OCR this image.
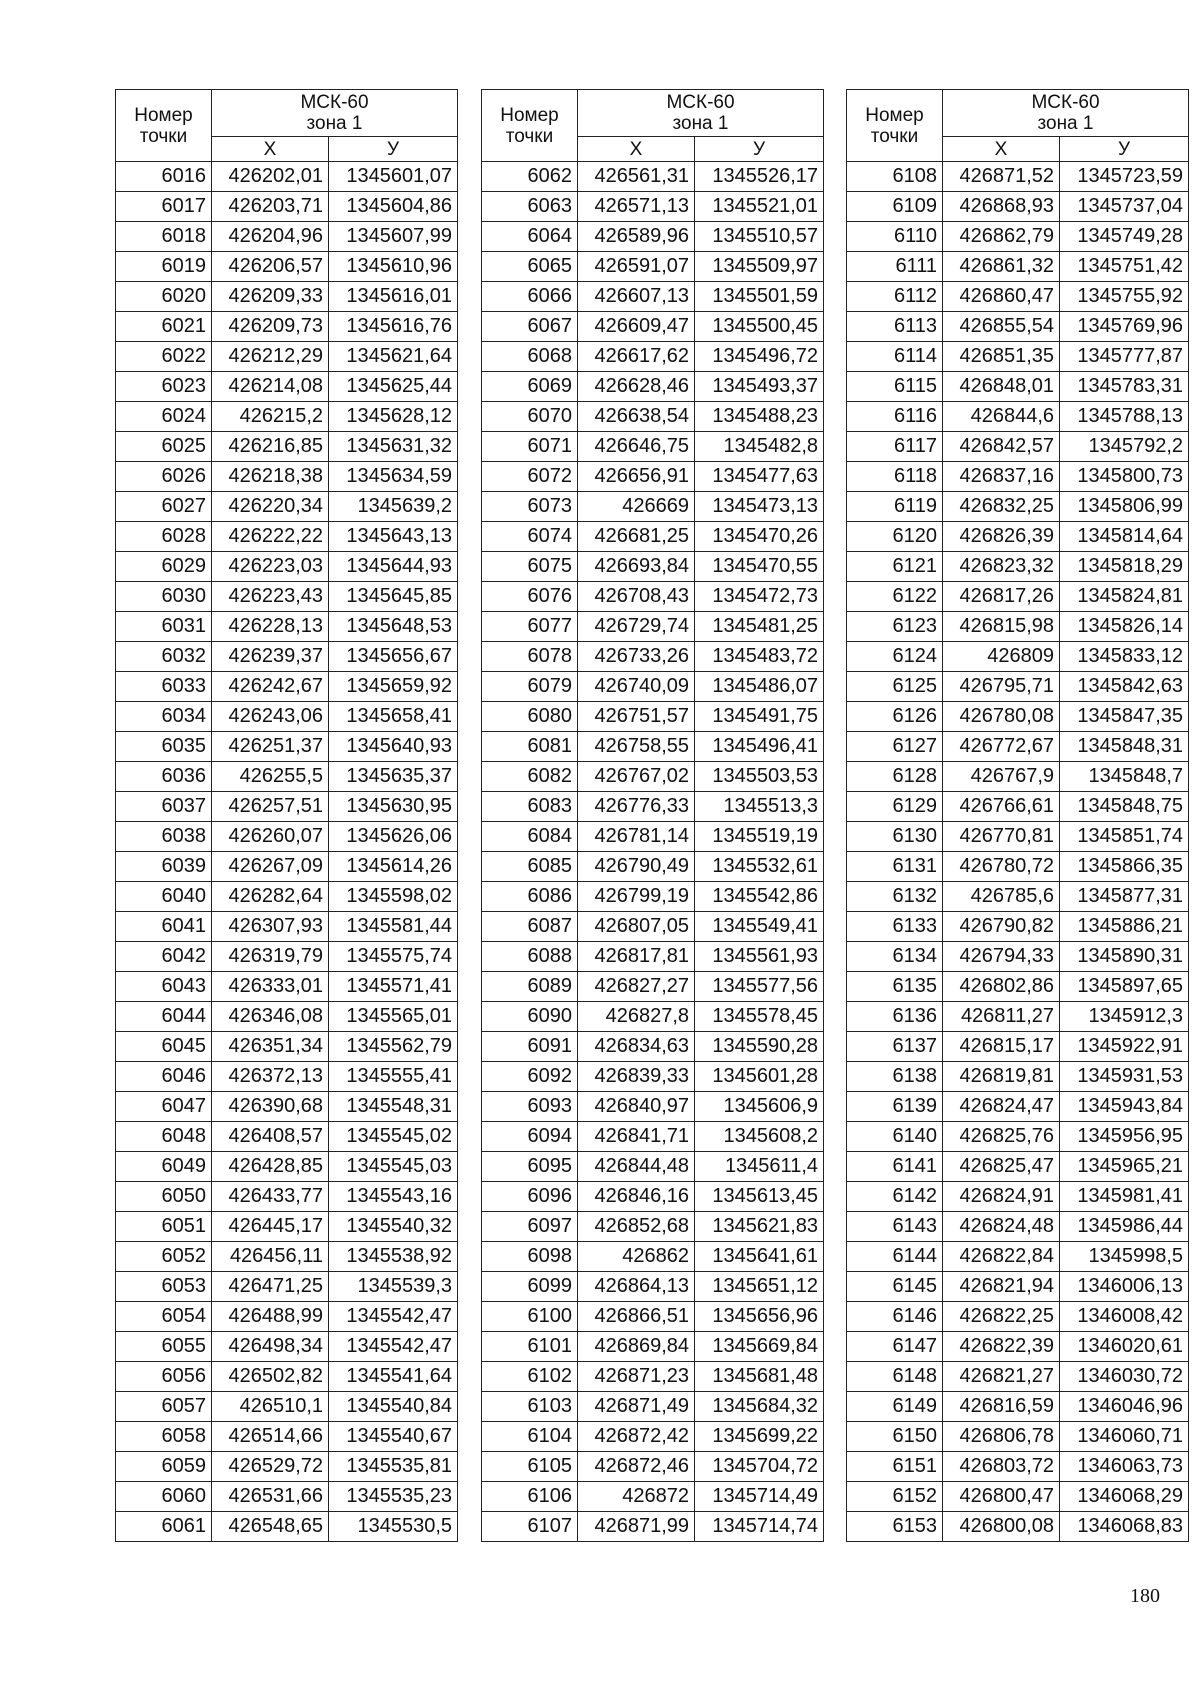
Номер точки	МСК-60
зона 1	
	Х	У
6016	426202,01	1345601,07
6017	426203,71	1345604,86
6018	426204,96	1345607,99
6019	426206,57	1345610,96
6020	426209,33	1345616,01
6021	426209,73	1345616,76
6022	426212,29	1345621,64
6023	426214,08	1345625,44
6024	426215,2	1345628,12
6025	426216,85	1345631,32
6026	426218,38	1345634,59
6027	426220,34	1345639,2
6028	426222,22	1345643,13
6029	426223,03	1345644,93
6030	426223,43	1345645,85
6031	426228,13	1345648,53
6032	426239,37	1345656,67
6033	426242,67	1345659,92
6034	426243,06	1345658,41
6035	426251,37	1345640,93
6036	426255,5	1345635,37
6037	426257,51	1345630,95
6038	426260,07	1345626,06
6039	426267,09	1345614,26
6040	426282,64	1345598,02
6041	426307,93	1345581,44
6042	426319,79	1345575,74
6043	426333,01	1345571,41
6044	426346,08	1345565,01
6045	426351,34	1345562,79
6046	426372,13	1345555,41
6047	426390,68	1345548,31
6048	426408,57	1345545,02
6049	426428,85	1345545,03
6050	426433,77	1345543,16
6051	426445,17	1345540,32
6052	426456,11	1345538,92
6053	426471,25	1345539,3
6054	426488,99	1345542,47
6055	426498,34	1345542,47
6056	426502,82	1345541,64
6057	426510,1	1345540,84
6058	426514,66	1345540,67
6059	426529,72	1345535,81
6060	426531,66	1345535,23
6061	426548,65	1345530,5
Номер точки	МСК-60
зона 1	
	Х	У
6062	426561,31	1345526,17
6063	426571,13	1345521,01
6064	426589,96	1345510,57
6065	426591,07	1345509,97
6066	426607,13	1345501,59
6067	426609,47	1345500,45
6068	426617,62	1345496,72
6069	426628,46	1345493,37
6070	426638,54	1345488,23
6071	426646,75	1345482,8
6072	426656,91	1345477,63
6073	426669	1345473,13
6074	426681,25	1345470,26
6075	426693,84	1345470,55
6076	426708,43	1345472,73
6077	426729,74	1345481,25
6078	426733,26	1345483,72
6079	426740,09	1345486,07
6080	426751,57	1345491,75
6081	426758,55	1345496,41
6082	426767,02	1345503,53
6083	426776,33	1345513,3
6084	426781,14	1345519,19
6085	426790,49	1345532,61
6086	426799,19	1345542,86
6087	426807,05	1345549,41
6088	426817,81	1345561,93
6089	426827,27	1345577,56
6090	426827,8	1345578,45
6091	426834,63	1345590,28
6092	426839,33	1345601,28
6093	426840,97	1345606,9
6094	426841,71	1345608,2
6095	426844,48	1345611,4
6096	426846,16	1345613,45
6097	426852,68	1345621,83
6098	426862	1345641,61
6099	426864,13	1345651,12
6100	426866,51	1345656,96
6101	426869,84	1345669,84
6102	426871,23	1345681,48
6103	426871,49	1345684,32
6104	426872,42	1345699,22
6105	426872,46	1345704,72
6106	426872	1345714,49
6107	426871,99	1345714,74
Номер точки	МСК-60
зона 1	
	Х	У
6108	426871,52	1345723,59
6109	426868,93	1345737,04
6110	426862,79	1345749,28
6111	426861,32	1345751,42
6112	426860,47	1345755,92
6113	426855,54	1345769,96
6114	426851,35	1345777,87
6115	426848,01	1345783,31
6116	426844,6	1345788,13
6117	426842,57	1345792,2
6118	426837,16	1345800,73
6119	426832,25	1345806,99
6120	426826,39	1345814,64
6121	426823,32	1345818,29
6122	426817,26	1345824,81
6123	426815,98	1345826,14
6124	426809	1345833,12
6125	426795,71	1345842,63
6126	426780,08	1345847,35
6127	426772,67	1345848,31
6128	426767,9	1345848,7
6129	426766,61	1345848,75
6130	426770,81	1345851,74
6131	426780,72	1345866,35
6132	426785,6	1345877,31
6133	426790,82	1345886,21
6134	426794,33	1345890,31
6135	426802,86	1345897,65
6136	426811,27	1345912,3
6137	426815,17	1345922,91
6138	426819,81	1345931,53
6139	426824,47	1345943,84
6140	426825,76	1345956,95
6141	426825,47	1345965,21
6142	426824,91	1345981,41
6143	426824,48	1345986,44
6144	426822,84	1345998,5
6145	426821,94	1346006,13
6146	426822,25	1346008,42
6147	426822,39	1346020,61
6148	426821,27	1346030,72
6149	426816,59	1346046,96
6150	426806,78	1346060,71
6151	426803,72	1346063,73
6152	426800,47	1346068,29
6153	426800,08	1346068,83
180
